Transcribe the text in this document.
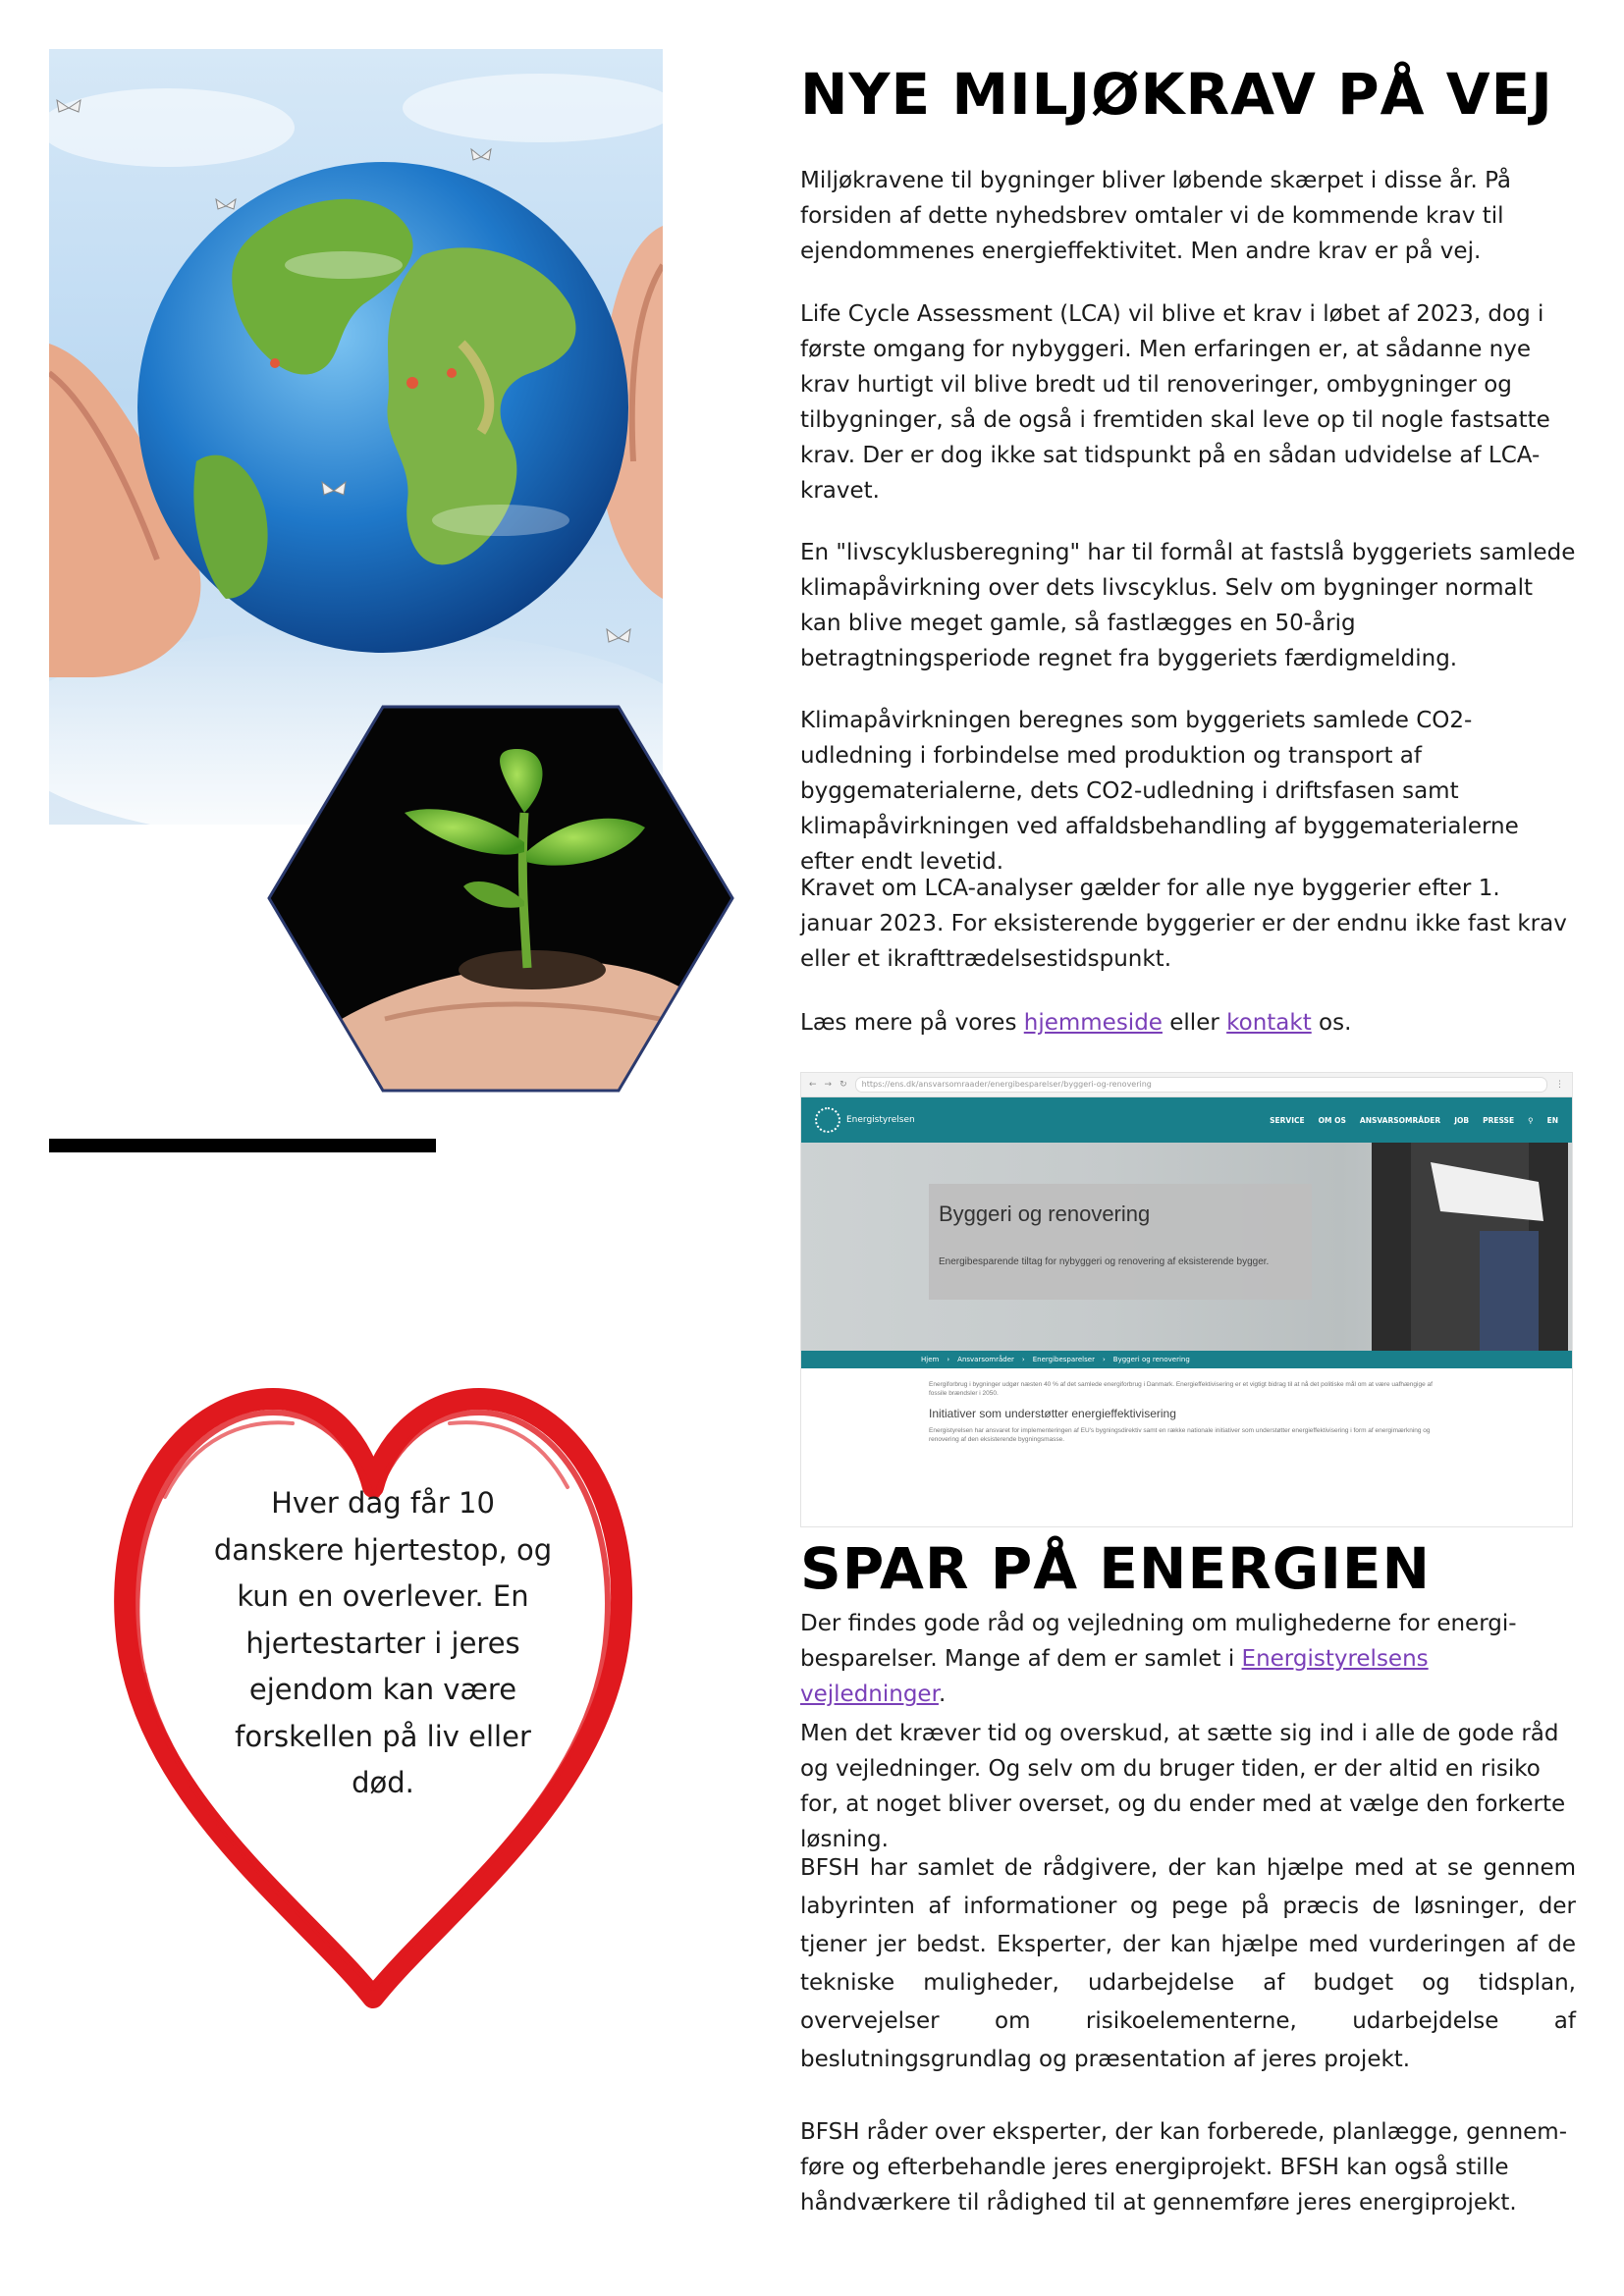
Hver dag får 10 danskere hjertestop, og kun en overlever. En hjertestarter i jeres ejendom kan være forskellen på liv eller død.
NYE MILJØKRAV PÅ VEJ
Miljøkravene til bygninger bliver løbende skærpet i disse år. På forsiden af dette nyhedsbrev omtaler vi de kommende krav til ejendommenes energieffektivitet. Men andre krav er på vej.
Life Cycle Assessment (LCA) vil blive et krav i løbet af 2023, dog i første omgang for nybyggeri. Men erfaringen er, at sådanne nye krav hurtigt vil blive bredt ud til renoveringer, ombygninger og tilbygninger, så de også i fremtiden skal leve op til nogle fastsatte krav. Der er dog ikke sat tidspunkt på en sådan udvidelse af LCA-kravet.
En "livscyklusberegning" har til formål at fastslå byggeriets samlede klimapåvirkning over dets livscyklus. Selv om bygninger normalt kan blive meget gamle, så fastlægges en 50-årig betragtningsperiode regnet fra byggeriets færdigmelding.
Klimapåvirkningen beregnes som byggeriets samlede CO2-udledning i forbindelse med produktion og transport af byggematerialerne, dets CO2-udledning i driftsfasen samt klimapåvirkningen ved affaldsbehandling af byggematerialerne efter endt levetid.
Kravet om LCA-analyser gælder for alle nye byggerier efter 1. januar 2023. For eksisterende byggerier er der endnu ikke fast krav eller et ikrafttrædelsestidspunkt.
Læs mere på vores hjemmeside eller kontakt os.
← → ↻	https://ens.dk/ansvarsomraader/energibesparelser/byggeri-og-renovering	⋮
Energistyrelsen	SERVICE OM OS ANSVARSOMRÅDER JOB PRESSE ⚲ EN
Byggeri og renovering
Energibesparende tiltag for nybyggeri og renovering af eksisterende bygger.
Hjem › Ansvarsområder › Energibesparelser › Byggeri og renovering
Energiforbrug i bygninger udgør næsten 40 % af det samlede energiforbrug i Danmark. Energieffektivisering er et vigtigt bidrag til at nå det politiske mål om at være uafhængige af fossile brændsler i 2050.
Initiativer som understøtter energieffektivisering
Energistyrelsen har ansvaret for implementeringen af EU's bygningsdirektiv samt en række nationale initiativer som understøtter energieffektivisering i form af energimærkning og renovering af den eksisterende bygningsmasse.
SPAR PÅ ENERGIEN
Der findes gode råd og vejledning om mulighederne for energi-besparelser. Mange af dem er samlet i Energistyrelsens vejledninger.
Men det kræver tid og overskud, at sætte sig ind i alle de gode råd og vejledninger. Og selv om du bruger tiden, er der altid en risiko for, at noget bliver overset, og du ender med at vælge den forkerte løsning.
BFSH har samlet de rådgivere, der kan hjælpe med at se gennem labyrinten af informationer og pege på præcis de løsninger, der tjener jer bedst. Eksperter, der kan hjælpe med vurderingen af de tekniske muligheder, udarbejdelse af budget og tidsplan, overvejelser om risikoelementerne, udarbejdelse af beslutningsgrundlag og præsentation af jeres projekt.
BFSH råder over eksperter, der kan forberede, planlægge, gennem-føre og efterbehandle jeres energiprojekt. BFSH kan også stille håndværkere til rådighed til at gennemføre jeres energiprojekt.
